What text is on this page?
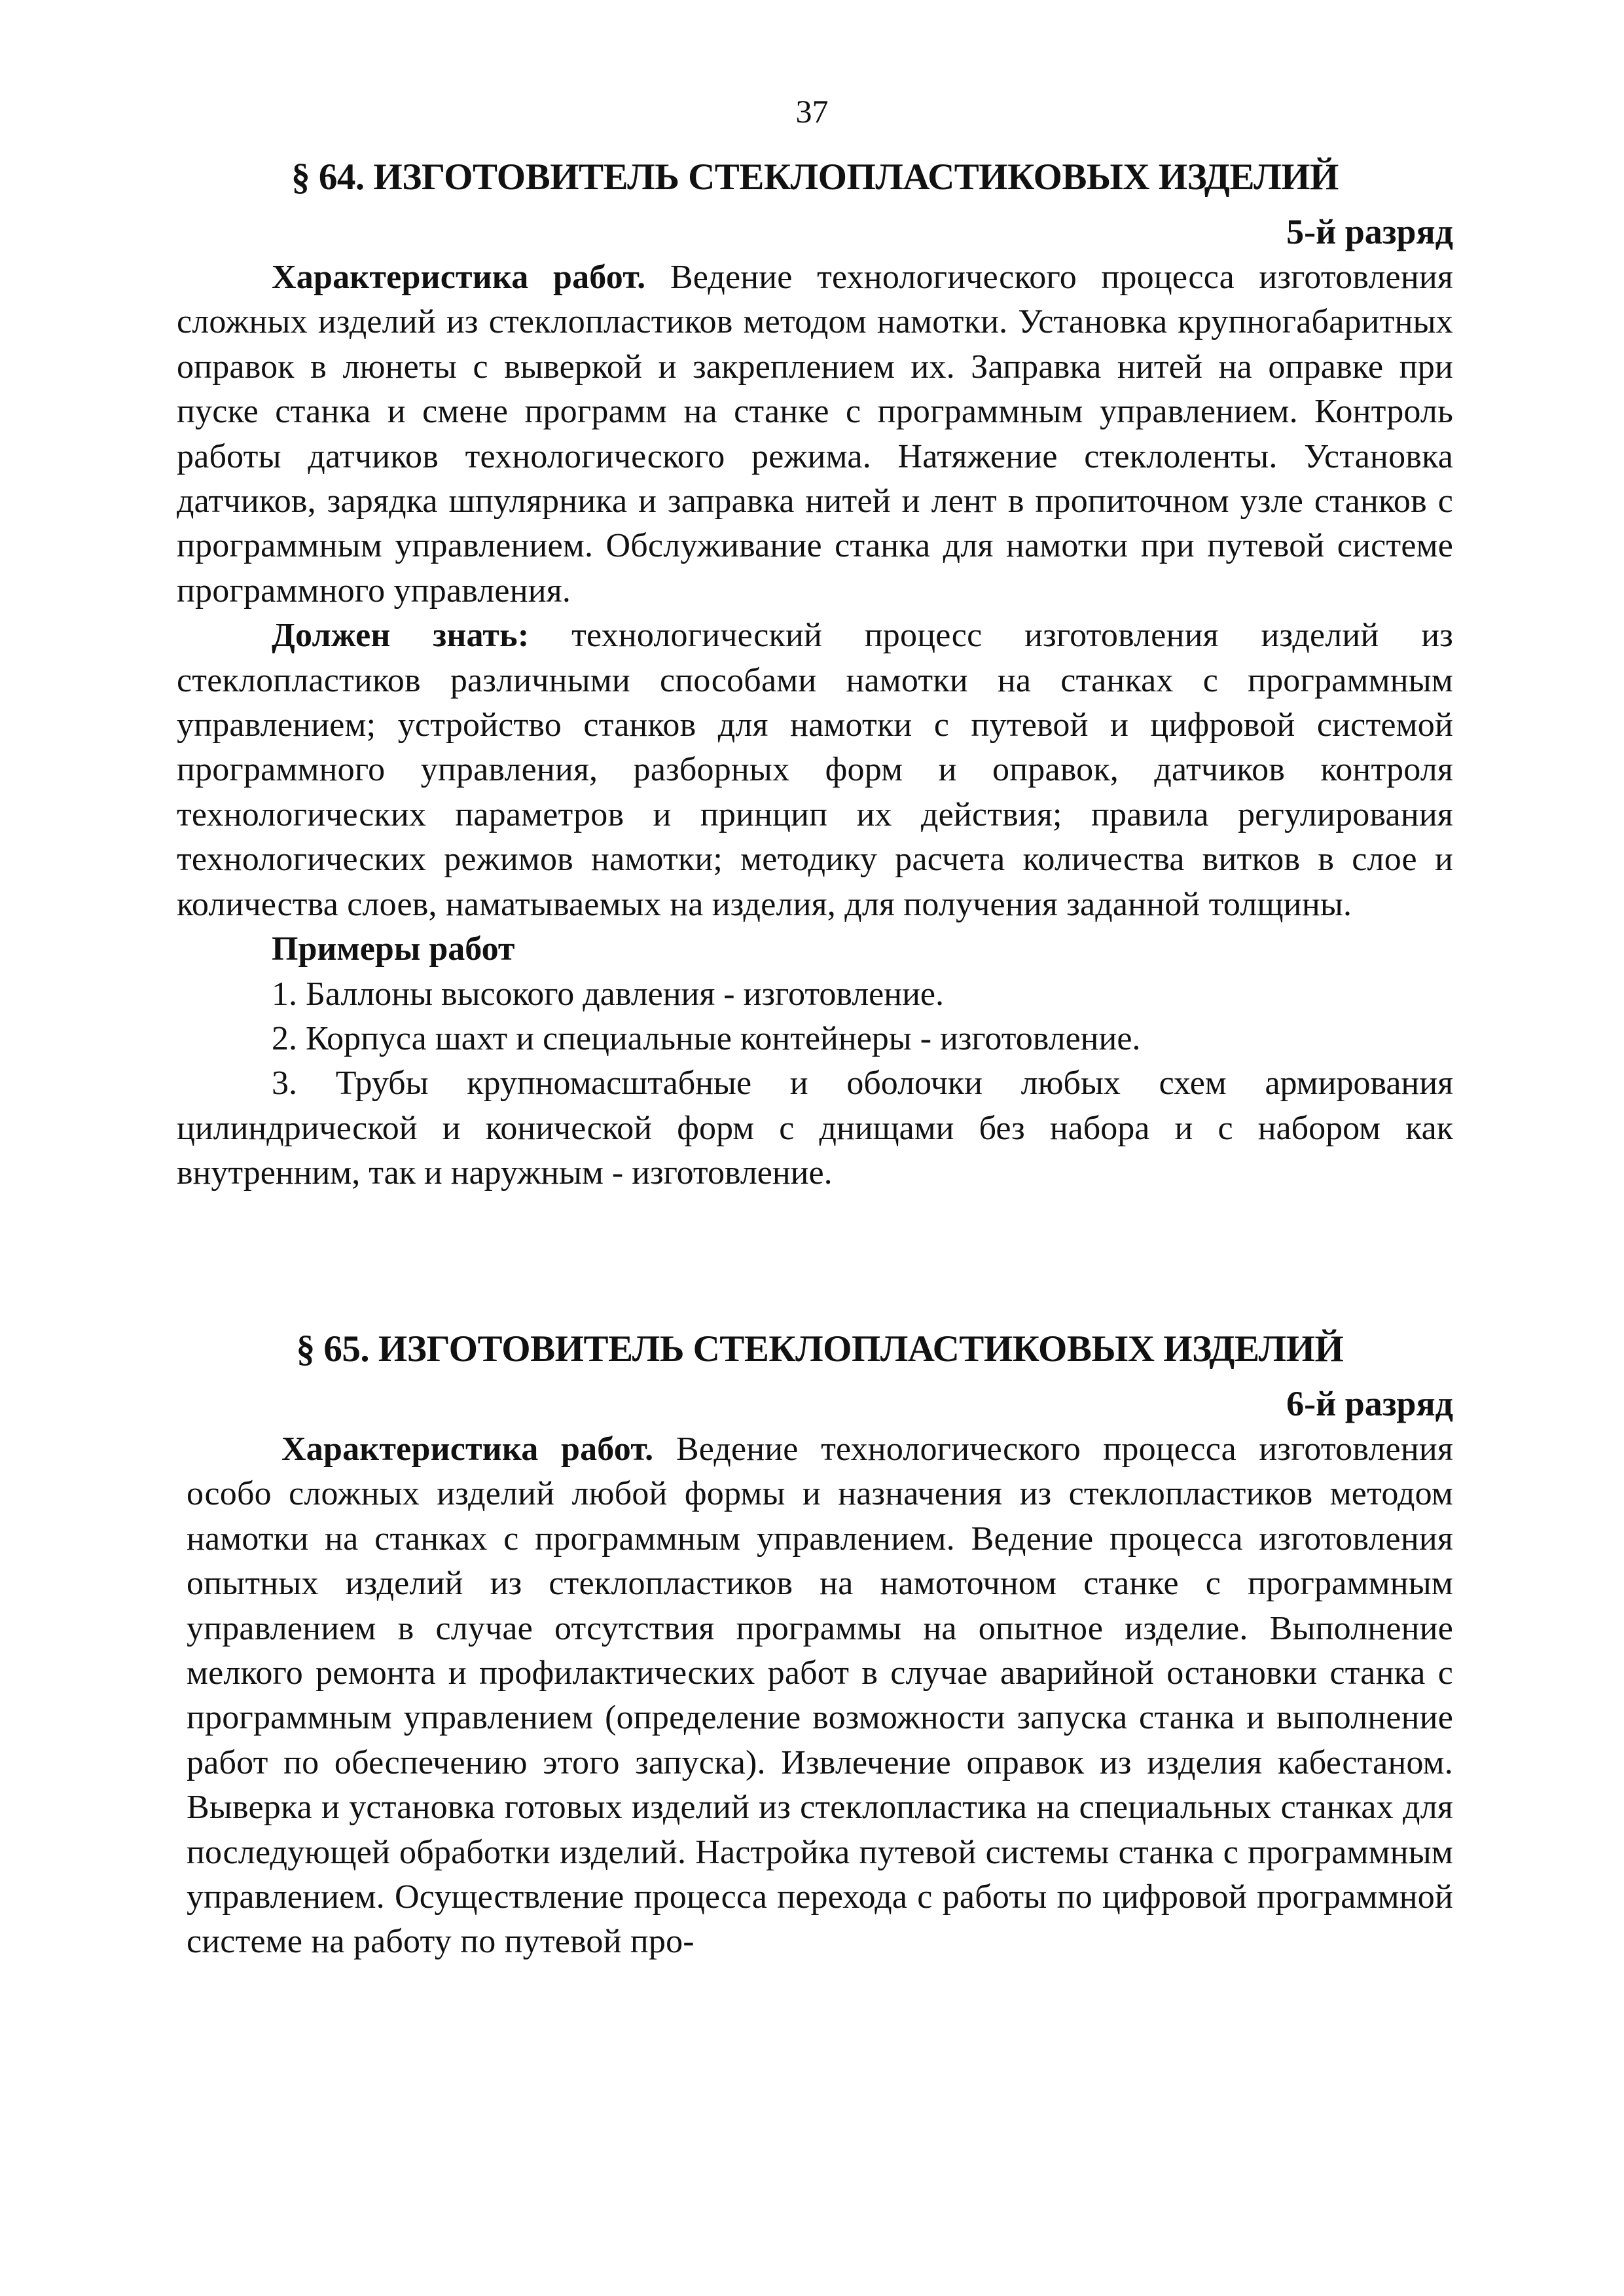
37
§ 64. ИЗГОТОВИТЕЛЬ СТЕКЛОПЛАСТИКОВЫХ ИЗДЕЛИЙ
5-й разряд

Характеристика работ. Ведение технологического процесса изготовления сложных изделий из стеклопластиков методом намотки. Установка крупногабаритных оправок в люнеты с выверкой и закреплением их. Заправка нитей на оправке при пуске станка и смене программ на станке с программным управлением. Контроль работы датчиков технологического режима. Натяжение стеклоленты. Установка датчиков, зарядка шпулярника и заправка нитей и лент в пропиточном узле станков с программным управлением. Обслуживание станка для намотки при путевой системе программного управления.

Должен знать: технологический процесс изготовления изделий из стеклопластиков различными способами намотки на станках с программным управлением; устройство станков для намотки с путевой и цифровой системой программного управления, разборных форм и оправок, датчиков контроля технологических параметров и принцип их действия; правила регулирования технологических режимов намотки; методику расчета количества витков в слое и количества слоев, наматываемых на изделия, для получения заданной толщины.

Примеры работ

1. Баллоны высокого давления - изготовление.

2. Корпуса шахт и специальные контейнеры - изготовление.

3. Трубы крупномасштабные и оболочки любых схем армирования цилиндрической и конической форм с днищами без набора и с набором как внутренним, так и наружным - изготовление.

§ 65. ИЗГОТОВИТЕЛЬ СТЕКЛОПЛАСТИКОВЫХ ИЗДЕЛИЙ
6-й разряд

Характеристика работ. Ведение технологического процесса изготовления особо сложных изделий любой формы и назначения из стеклопластиков методом намотки на станках с программным управлением. Ведение процесса изготовления опытных изделий из стеклопластиков на намоточном станке с программным управлением в случае отсутствия программы на опытное изделие. Выполнение мелкого ремонта и профилактических работ в случае аварийной остановки станка с программным управлением (определение возможности запуска станка и выполнение работ по обеспечению этого запуска). Извлечение оправок из изделия кабестаном. Выверка и установка готовых изделий из стеклопластика на специальных станках для последующей обработки изделий. Настройка путевой системы станка с программным управлением. Осуществление процесса перехода с работы по цифровой программной системе на работу по путевой про-
